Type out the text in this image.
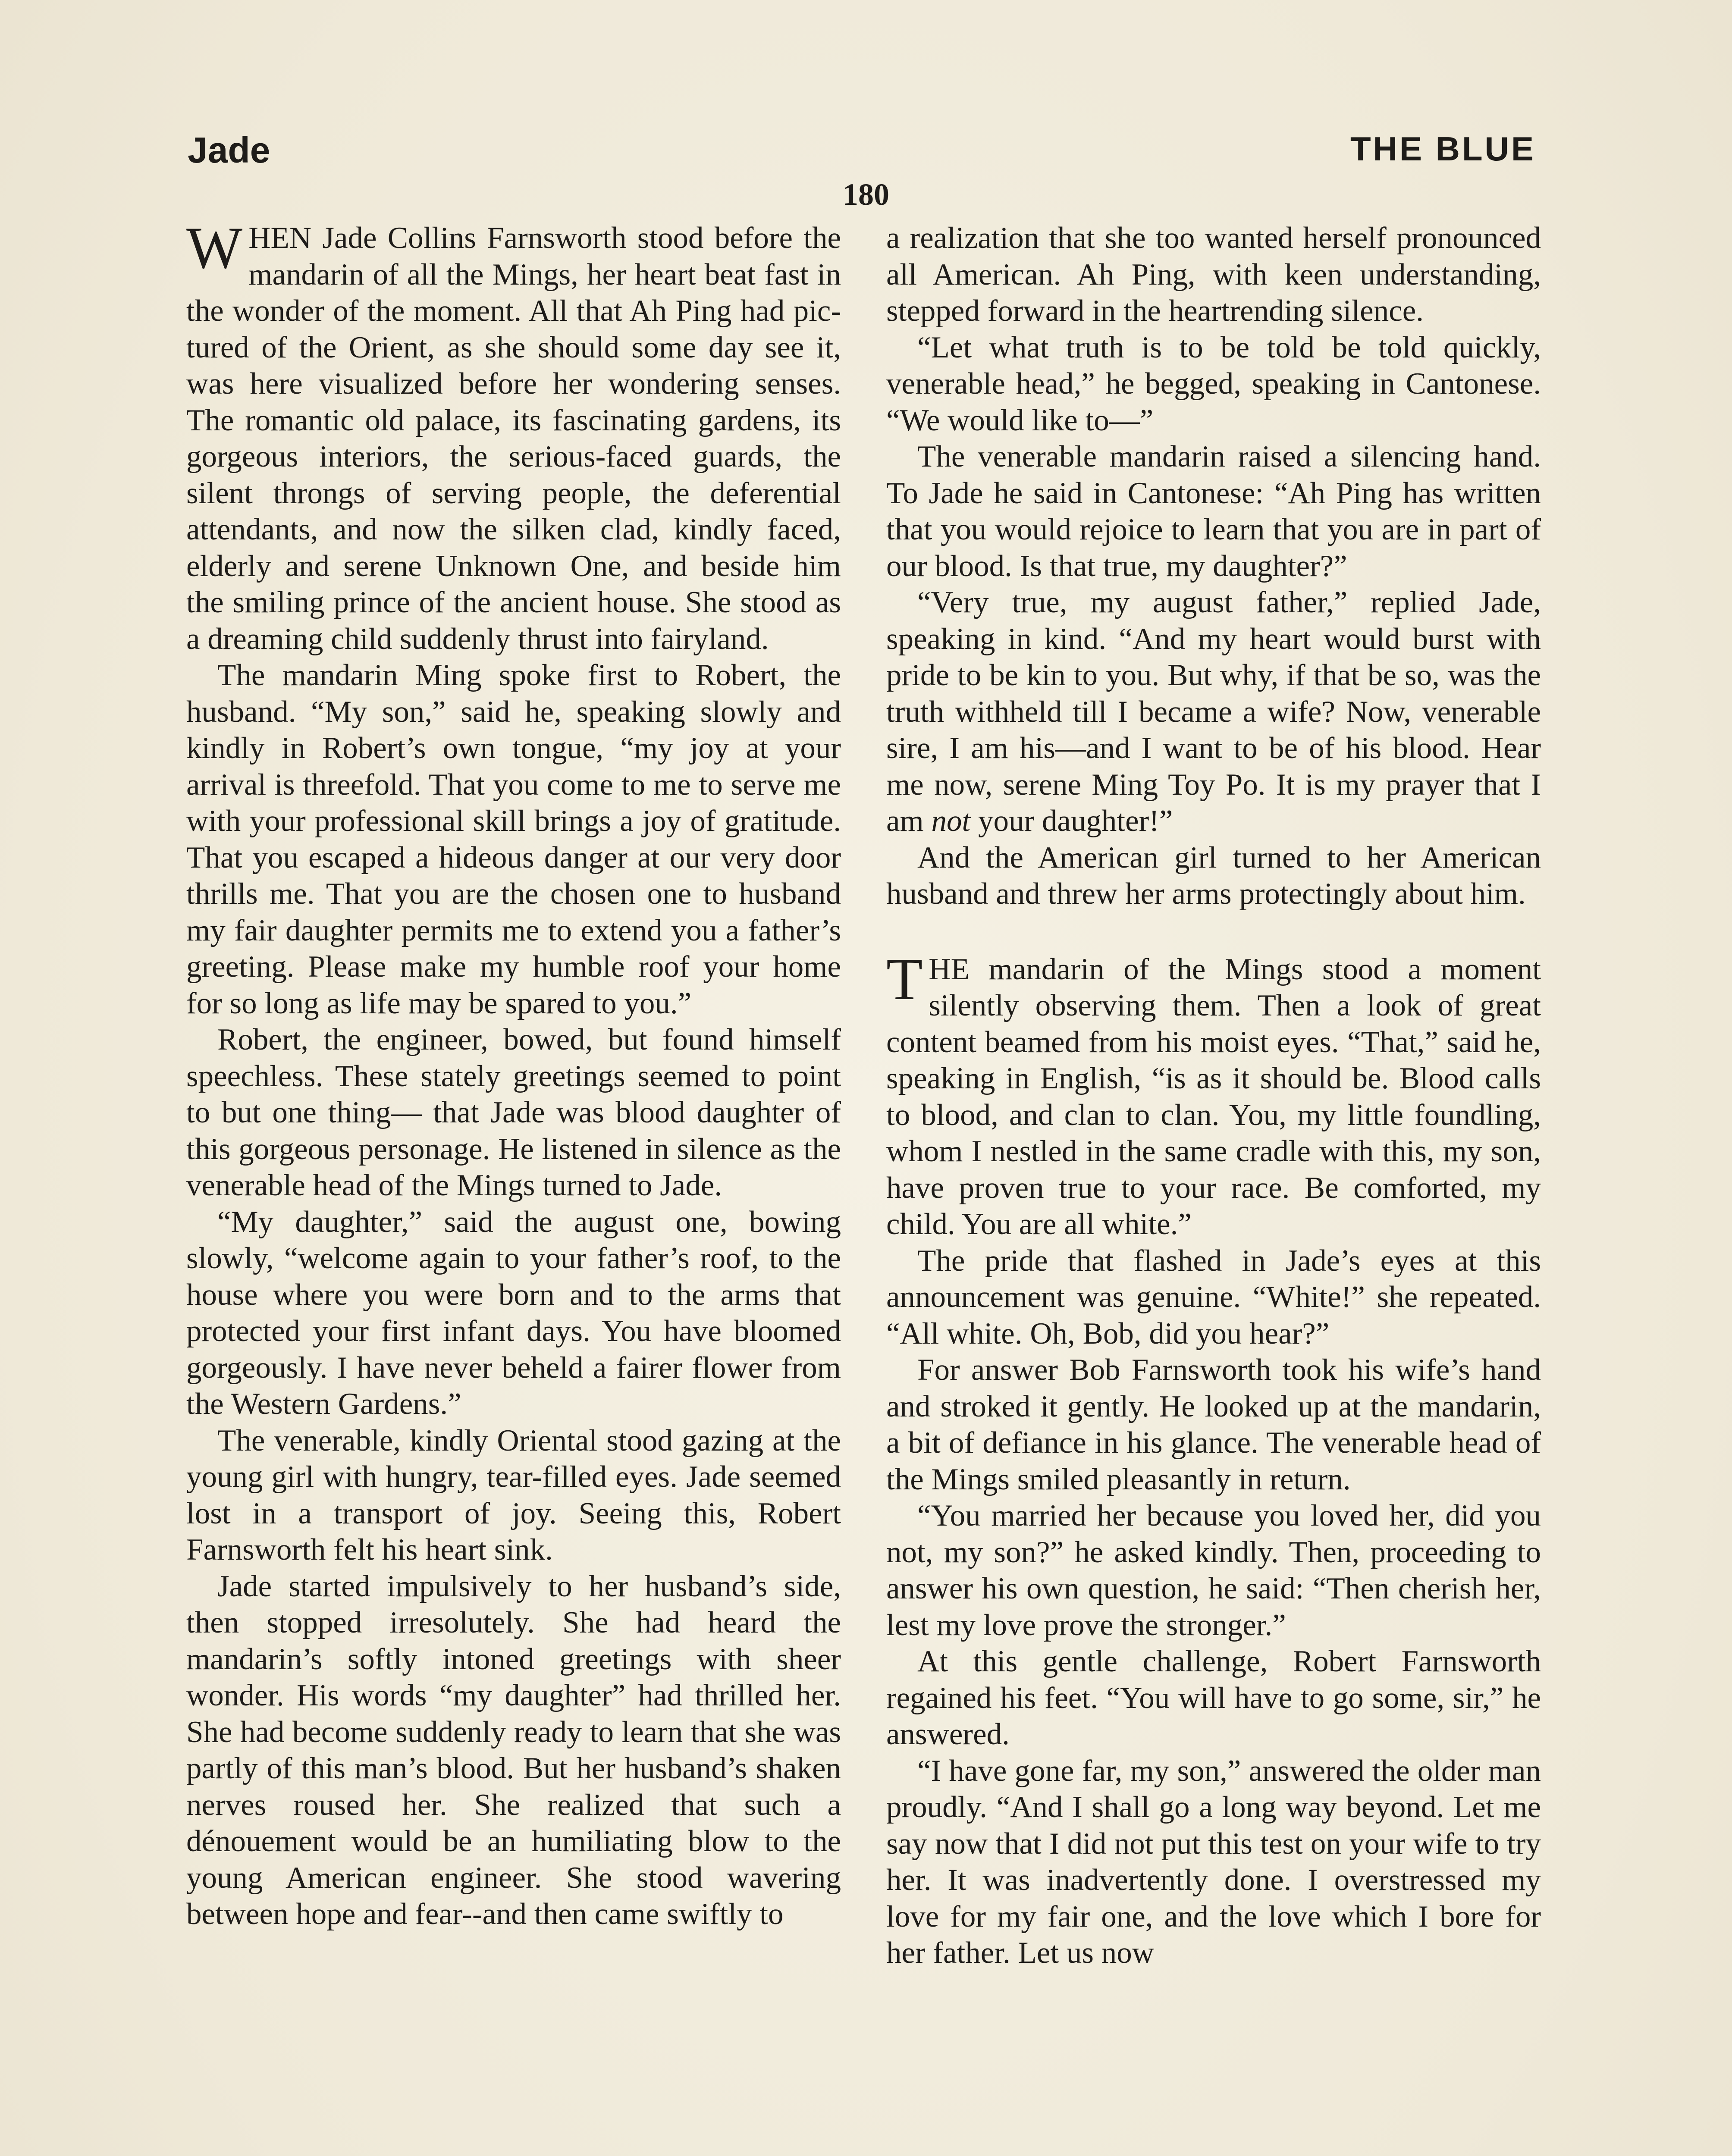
Jade	THE BLUE
180

WHEN Jade Collins Farnsworth stood before the mandarin of all the Mings, her heart beat fast in the wonder of the moment. All that Ah Ping had pictured of the Orient, as she should some day see it, was here visualized before her wondering senses. The romantic old palace, its fascinating gardens, its gorgeous interiors, the serious-faced guards, the silent throngs of serving people, the deferential attendants, and now the silken clad, kindly faced, elderly and serene Unknown One, and beside him the smiling prince of the ancient house. She stood as a dreaming child suddenly thrust into fairyland.

The mandarin Ming spoke first to Robert, the husband. “My son,” said he, speaking slowly and kindly in Robert’s own tongue, “my joy at your arrival is threefold. That you come to me to serve me with your professional skill brings a joy of gratitude. That you escaped a hideous danger at our very door thrills me. That you are the chosen one to husband my fair daughter permits me to extend you a father’s greeting. Please make my humble roof your home for so long as life may be spared to you.”

Robert, the engineer, bowed, but found himself speechless. These stately greetings seemed to point to but one thing— that Jade was blood daughter of this gorgeous personage. He listened in silence as the venerable head of the Mings turned to Jade.

“My daughter,” said the august one, bowing slowly, “welcome again to your father’s roof, to the house where you were born and to the arms that protected your first infant days. You have bloomed gorgeously. I have never beheld a fairer flower from the Western Gardens.”

The venerable, kindly Oriental stood gazing at the young girl with hungry, tear-filled eyes. Jade seemed lost in a transport of joy. Seeing this, Robert Farnsworth felt his heart sink.

Jade started impulsively to her husband’s side, then stopped irresolutely. She had heard the mandarin’s softly intoned greetings with sheer wonder. His words “my daughter” had thrilled her. She had become suddenly ready to learn that she was partly of this man’s blood. But her husband’s shaken nerves roused her. She realized that such a dénouement would be an humiliating blow to the young American engineer. She stood wavering between hope and fear--and then came swiftly to

a realization that she too wanted herself pronounced all American. Ah Ping, with keen understanding, stepped forward in the heartrending silence.

“Let what truth is to be told be told quickly, venerable head,” he begged, speaking in Cantonese. “We would like to—”

The venerable mandarin raised a silencing hand. To Jade he said in Cantonese: “Ah Ping has written that you would rejoice to learn that you are in part of our blood. Is that true, my daughter?”

“Very true, my august father,” replied Jade, speaking in kind. “And my heart would burst with pride to be kin to you. But why, if that be so, was the truth withheld till I became a wife? Now, venerable sire, I am his—and I want to be of his blood. Hear me now, serene Ming Toy Po. It is my prayer that I am not your daughter!”

And the American girl turned to her American husband and threw her arms protectingly about him.

THE mandarin of the Mings stood a moment silently observing them. Then a look of great content beamed from his moist eyes. “That,” said he, speaking in English, “is as it should be. Blood calls to blood, and clan to clan. You, my little foundling, whom I nestled in the same cradle with this, my son, have proven true to your race. Be comforted, my child. You are all white.”

The pride that flashed in Jade’s eyes at this announcement was genuine. “White!” she repeated. “All white. Oh, Bob, did you hear?”

For answer Bob Farnsworth took his wife’s hand and stroked it gently. He looked up at the mandarin, a bit of defiance in his glance. The venerable head of the Mings smiled pleasantly in return.

“You married her because you loved her, did you not, my son?” he asked kindly. Then, proceeding to answer his own question, he said: “Then cherish her, lest my love prove the stronger.”

At this gentle challenge, Robert Farnsworth regained his feet. “You will have to go some, sir,” he answered.

“I have gone far, my son,” answered the older man proudly. “And I shall go a long way beyond. Let me say now that I did not put this test on your wife to try her. It was inadvertently done. I overstressed my love for my fair one, and the love which I bore for her father. Let us now
